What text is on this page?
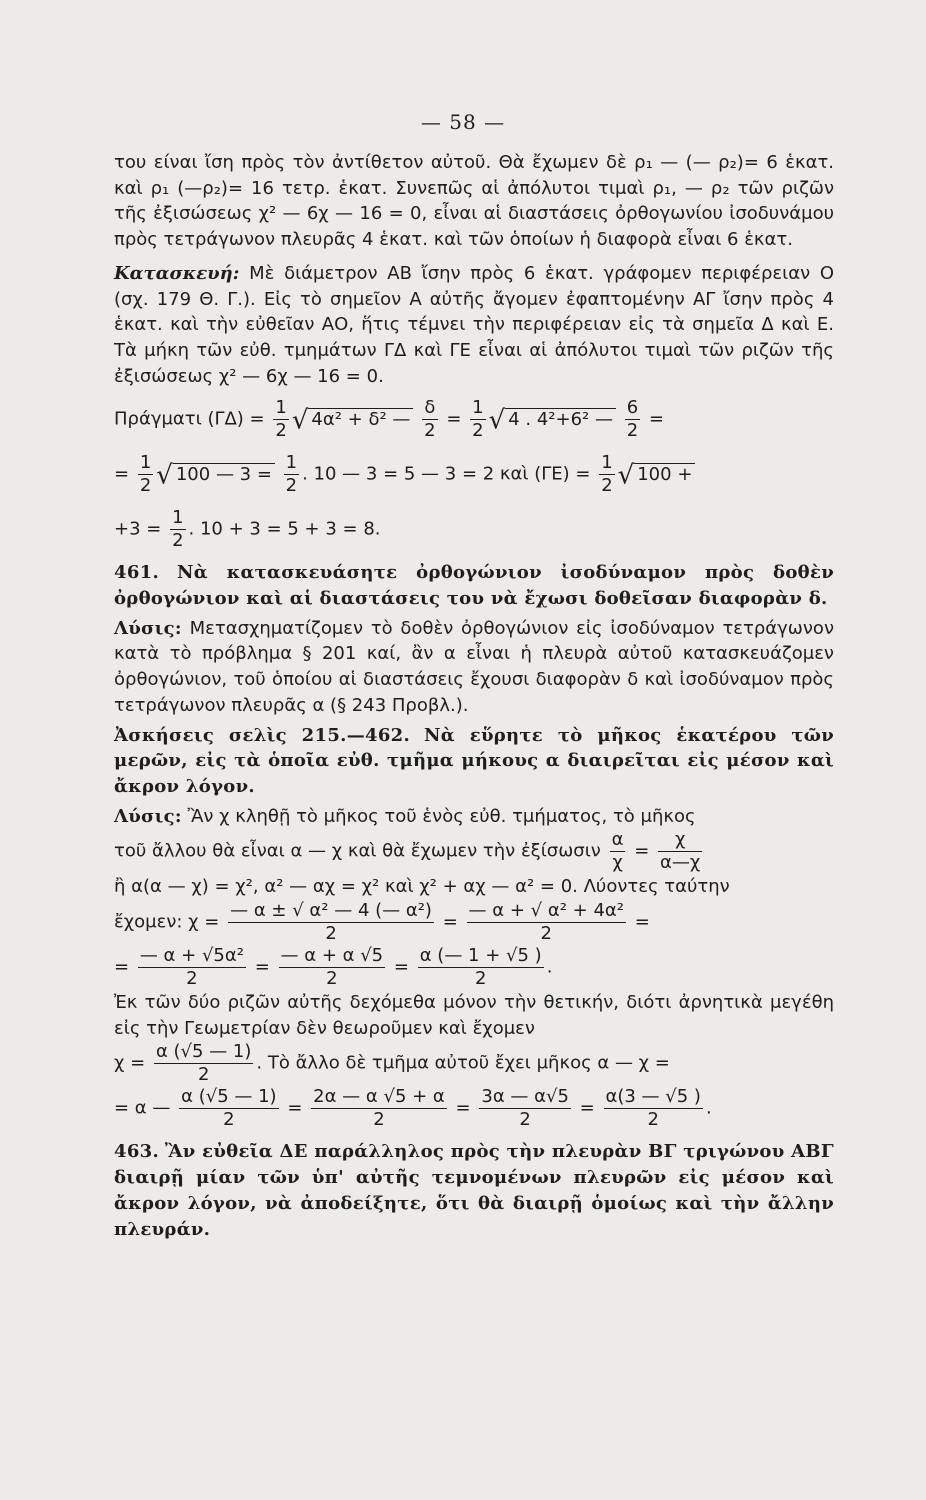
— 58 —

του είναι ἴση πρὸς τὸν ἀντίθετον αὐτοῦ. Θὰ ἔχωμεν δὲ ρ₁ — (— ρ₂)= 6 ἑκατ. καὶ ρ₁ (—ρ₂)= 16 τετρ. ἑκατ. Συνεπῶς αἱ ἀπόλυτοι τιμαὶ ρ₁, — ρ₂ τῶν ριζῶν τῆς ἐξισώσεως χ² — 6χ — 16 = 0, εἶναι αἱ διαστάσεις ὀρθογωνίου ἰσοδυνάμου πρὸς τετράγωνον πλευρᾶς 4 ἑκατ. καὶ τῶν ὁποίων ἡ διαφορὰ εἶναι 6 ἑκατ.

Κατασκευή: Μὲ διάμετρον ΑΒ ἴσην πρὸς 6 ἑκατ. γράφομεν περιφέρειαν Ο (σχ. 179 Θ. Γ.). Εἰς τὸ σημεῖον Α αὐτῆς ἄγομεν ἐφαπτομένην ΑΓ ἴσην πρὸς 4 ἑκατ. καὶ τὴν εὐθεῖαν ΑΟ, ἥτις τέμνει τὴν περιφέρειαν εἰς τὰ σημεῖα Δ καὶ Ε. Τὰ μήκη τῶν εὐθ. τμημάτων ΓΔ καὶ ΓΕ εἶναι αἱ ἀπόλυτοι τιμαὶ τῶν ριζῶν τῆς ἐξισώσεως χ² — 6χ — 16 = 0.

Πράγματι $(\Gamma\Delta) = \frac{1}{2}$ √ 4α² + δ² — $\frac{\delta}{2} = \frac{1}{2}$ √ 4 . 4²+6² — $\frac{6}{2}$ =

= $\frac{1}{2}$ √ 100 — $3 = \frac{1}{2}$ . 10 — 3 = 5 — 3 = 2 καὶ $(\Gamma E) = \frac{1}{2}$ √ 100 +

$+3 = \frac{1}{2}$ . 10 + 3 = 5 + 3 = 8.

461. Νὰ κατασκευάσητε ὀρθογώνιον ἰσοδύναμον πρὸς δοθὲν ὀρθογώνιον καὶ αἱ διαστάσεις του νὰ ἔχωσι δοθεῖσαν διαφορὰν δ.

Λύσις: Μετασχηματίζομεν τὸ δοθὲν ὀρθογώνιον εἰς ἰσοδύναμον τετράγωνον κατὰ τὸ πρόβλημα § 201 καί, ἂν α εἶναι ἡ πλευρὰ αὐτοῦ κατασκευάζομεν ὀρθογώνιον, τοῦ ὁποίου αἱ διαστάσεις ἔχουσι διαφορὰν δ καὶ ἰσοδύναμον πρὸς τετράγωνον πλευρᾶς α (§ 243 Προβλ.).

Ἀσκήσεις σελὶς 215.—462. Νὰ εὕρητε τὸ μῆκος ἑκατέρου τῶν μερῶν, εἰς τὰ ὁποῖα εὐθ. τμῆμα μήκους α διαιρεῖται εἰς μέσον καὶ ἄκρον λόγον.

Λύσις: Ἂν χ κληθῇ τὸ μῆκος τοῦ ἑνὸς εὐθ. τμήματος, τὸ μῆκος

τοῦ ἄλλου θὰ εἶναι α — χ καὶ θὰ ἔχωμεν τὴν ἐξίσωσιν $\frac{\alpha}{\chi} = \frac{\chi}{\alpha—\chi}$

ἢ α(α — χ) = χ², α² — αχ = χ² καὶ χ² + αχ — α² = 0. Λύοντες ταύτην

ἔχομεν: $\chi = \frac{\text{— α ± √ α² — 4 (— α²)}}{2} = \frac{\text{— α + √ α² + 4α²}}{2}$ =

= $\frac{\text{— α + √5α²}}{2} = \frac{— \alpha + \alpha √5}{2} = \frac{\alpha (— 1 + √5 )}{2}$ .

Ἐκ τῶν δύο ριζῶν αὐτῆς δεχόμεθα μόνον τὴν θετικήν, διότι ἀρνητικὰ μεγέθη εἰς τὴν Γεωμετρίαν δὲν θεωροῦμεν καὶ ἔχομεν

$\chi = \frac{\alpha (√5 — 1)}{2}$ . Τὸ ἄλλο δὲ τμῆμα αὐτοῦ ἔχει μῆκος α — χ =

= α — $\frac{\alpha (√5 — 1)}{2} = \frac{2\alpha — \alpha √5 + \alpha}{2} = \frac{3\alpha — \alpha√5}{2} = \frac{\alpha(3 — √5 )}{2}$ .

463. Ἂν εὐθεῖα ΔΕ παράλληλος πρὸς τὴν πλευρὰν ΒΓ τριγώνου ΑΒΓ διαιρῇ μίαν τῶν ὑπ' αὐτῆς τεμνομένων πλευρῶν εἰς μέσον καὶ ἄκρον λόγον, νὰ ἀποδείξητε, ὅτι θὰ διαιρῇ ὁμοίως καὶ τὴν ἄλλην πλευράν.
